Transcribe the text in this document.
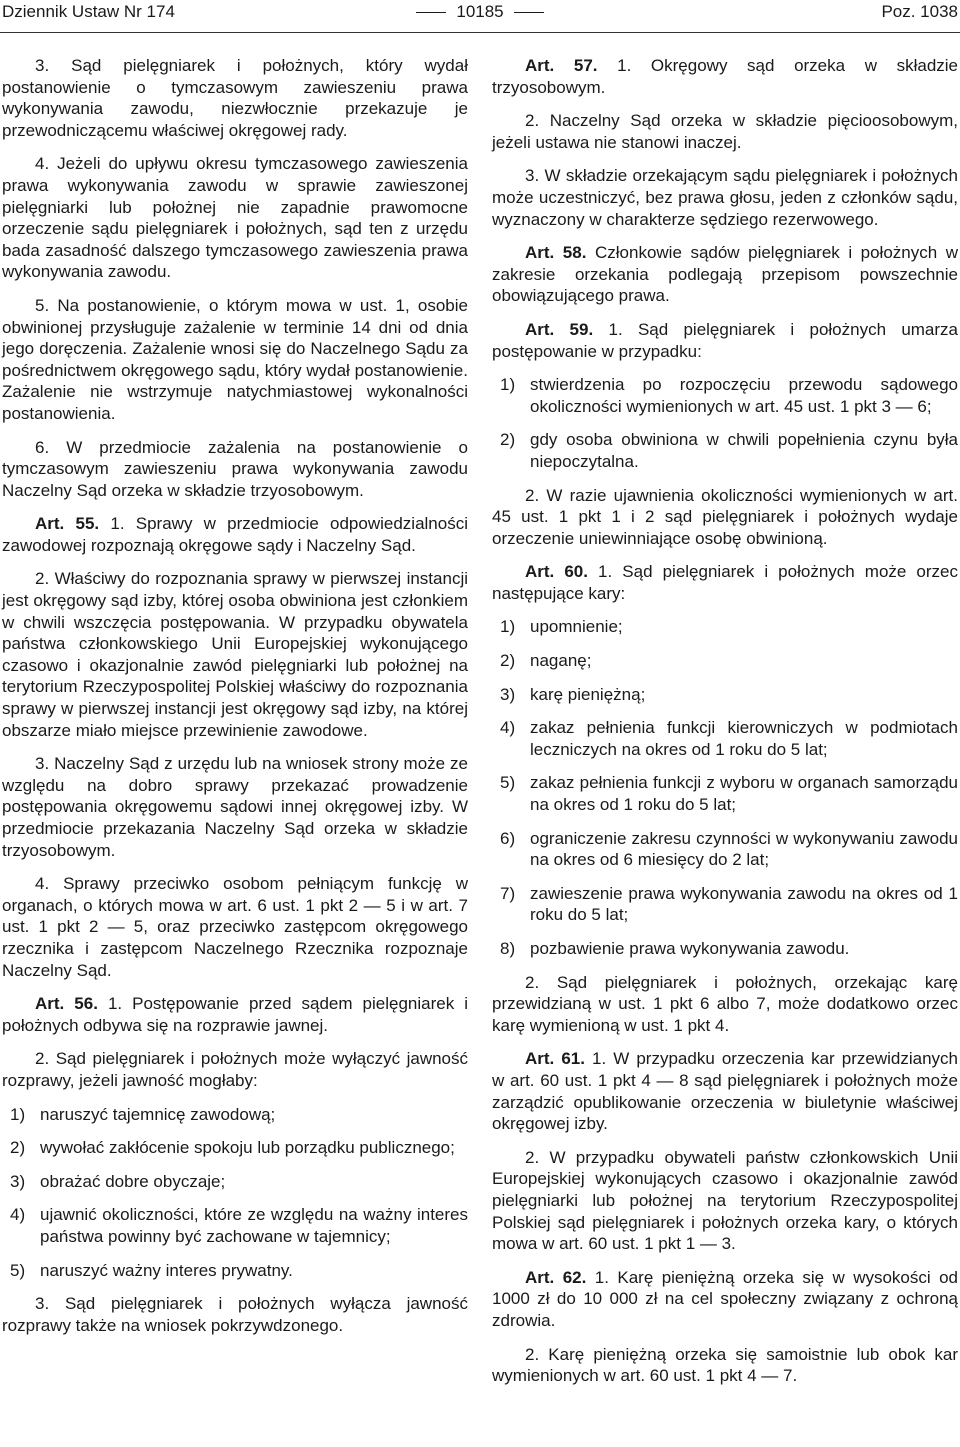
Dziennik Ustaw Nr 174	10185	Poz. 1038

3. Sąd pielęgniarek i położnych, który wydał postanowienie o tymczasowym zawieszeniu prawa wykonywania zawodu, niezwłocznie przekazuje je przewodniczącemu właściwej okręgowej rady.

4. Jeżeli do upływu okresu tymczasowego zawieszenia prawa wykonywania zawodu w sprawie zawieszonej pielęgniarki lub położnej nie zapadnie prawomocne orzeczenie sądu pielęgniarek i położnych, sąd ten z urzędu bada zasadność dalszego tymczasowego zawieszenia prawa wykonywania zawodu.

5. Na postanowienie, o którym mowa w ust. 1, osobie obwinionej przysługuje zażalenie w terminie 14 dni od dnia jego doręczenia. Zażalenie wnosi się do Naczelnego Sądu za pośrednictwem okręgowego sądu, który wydał postanowienie. Zażalenie nie wstrzymuje natychmiastowej wykonalności postanowienia.

6. W przedmiocie zażalenia na postanowienie o tymczasowym zawieszeniu prawa wykonywania zawodu Naczelny Sąd orzeka w składzie trzyosobowym.

Art. 55. 1. Sprawy w przedmiocie odpowiedzialności zawodowej rozpoznają okręgowe sądy i Naczelny Sąd.

2. Właściwy do rozpoznania sprawy w pierwszej instancji jest okręgowy sąd izby, której osoba obwiniona jest członkiem w chwili wszczęcia postępowania. W przypadku obywatela państwa członkowskiego Unii Europejskiej wykonującego czasowo i okazjonalnie zawód pielęgniarki lub położnej na terytorium Rzeczypospolitej Polskiej właściwy do rozpoznania sprawy w pierwszej instancji jest okręgowy sąd izby, na której obszarze miało miejsce przewinienie zawodowe.

3. Naczelny Sąd z urzędu lub na wniosek strony może ze względu na dobro sprawy przekazać prowadzenie postępowania okręgowemu sądowi innej okręgowej izby. W przedmiocie przekazania Naczelny Sąd orzeka w składzie trzyosobowym.

4. Sprawy przeciwko osobom pełniącym funkcję w organach, o których mowa w art. 6 ust. 1 pkt 2 — 5 i w art. 7 ust. 1 pkt 2 — 5, oraz przeciwko zastępcom okręgowego rzecznika i zastępcom Naczelnego Rzecznika rozpoznaje Naczelny Sąd.

Art. 56. 1. Postępowanie przed sądem pielęgniarek i położnych odbywa się na rozprawie jawnej.

2. Sąd pielęgniarek i położnych może wyłączyć jawność rozprawy, jeżeli jawność mogłaby:

1) naruszyć tajemnicę zawodową;
2) wywołać zakłócenie spokoju lub porządku publicznego;
3) obrażać dobre obyczaje;
4) ujawnić okoliczności, które ze względu na ważny interes państwa powinny być zachowane w tajemnicy;
5) naruszyć ważny interes prywatny.

3. Sąd pielęgniarek i położnych wyłącza jawność rozprawy także na wniosek pokrzywdzonego.

Art. 57. 1. Okręgowy sąd orzeka w składzie trzyosobowym.

2. Naczelny Sąd orzeka w składzie pięcioosobowym, jeżeli ustawa nie stanowi inaczej.

3. W składzie orzekającym sądu pielęgniarek i położnych może uczestniczyć, bez prawa głosu, jeden z członków sądu, wyznaczony w charakterze sędziego rezerwowego.

Art. 58. Członkowie sądów pielęgniarek i położnych w zakresie orzekania podlegają przepisom powszechnie obowiązującego prawa.

Art. 59. 1. Sąd pielęgniarek i położnych umarza postępowanie w przypadku:

1) stwierdzenia po rozpoczęciu przewodu sądowego okoliczności wymienionych w art. 45 ust. 1 pkt 3 — 6;
2) gdy osoba obwiniona w chwili popełnienia czynu była niepoczytalna.

2. W razie ujawnienia okoliczności wymienionych w art. 45 ust. 1 pkt 1 i 2 sąd pielęgniarek i położnych wydaje orzeczenie uniewinniające osobę obwinioną.

Art. 60. 1. Sąd pielęgniarek i położnych może orzec następujące kary:

1) upomnienie;
2) naganę;
3) karę pieniężną;
4) zakaz pełnienia funkcji kierowniczych w podmiotach leczniczych na okres od 1 roku do 5 lat;
5) zakaz pełnienia funkcji z wyboru w organach samorządu na okres od 1 roku do 5 lat;
6) ograniczenie zakresu czynności w wykonywaniu zawodu na okres od 6 miesięcy do 2 lat;
7) zawieszenie prawa wykonywania zawodu na okres od 1 roku do 5 lat;
8) pozbawienie prawa wykonywania zawodu.

2. Sąd pielęgniarek i położnych, orzekając karę przewidzianą w ust. 1 pkt 6 albo 7, może dodatkowo orzec karę wymienioną w ust. 1 pkt 4.

Art. 61. 1. W przypadku orzeczenia kar przewidzianych w art. 60 ust. 1 pkt 4 — 8 sąd pielęgniarek i położnych może zarządzić opublikowanie orzeczenia w biuletynie właściwej okręgowej izby.

2. W przypadku obywateli państw członkowskich Unii Europejskiej wykonujących czasowo i okazjonalnie zawód pielęgniarki lub położnej na terytorium Rzeczypospolitej Polskiej sąd pielęgniarek i położnych orzeka kary, o których mowa w art. 60 ust. 1 pkt 1 — 3.

Art. 62. 1. Karę pieniężną orzeka się w wysokości od 1000 zł do 10 000 zł na cel społeczny związany z ochroną zdrowia.

2. Karę pieniężną orzeka się samoistnie lub obok kar wymienionych w art. 60 ust. 1 pkt 4 — 7.
